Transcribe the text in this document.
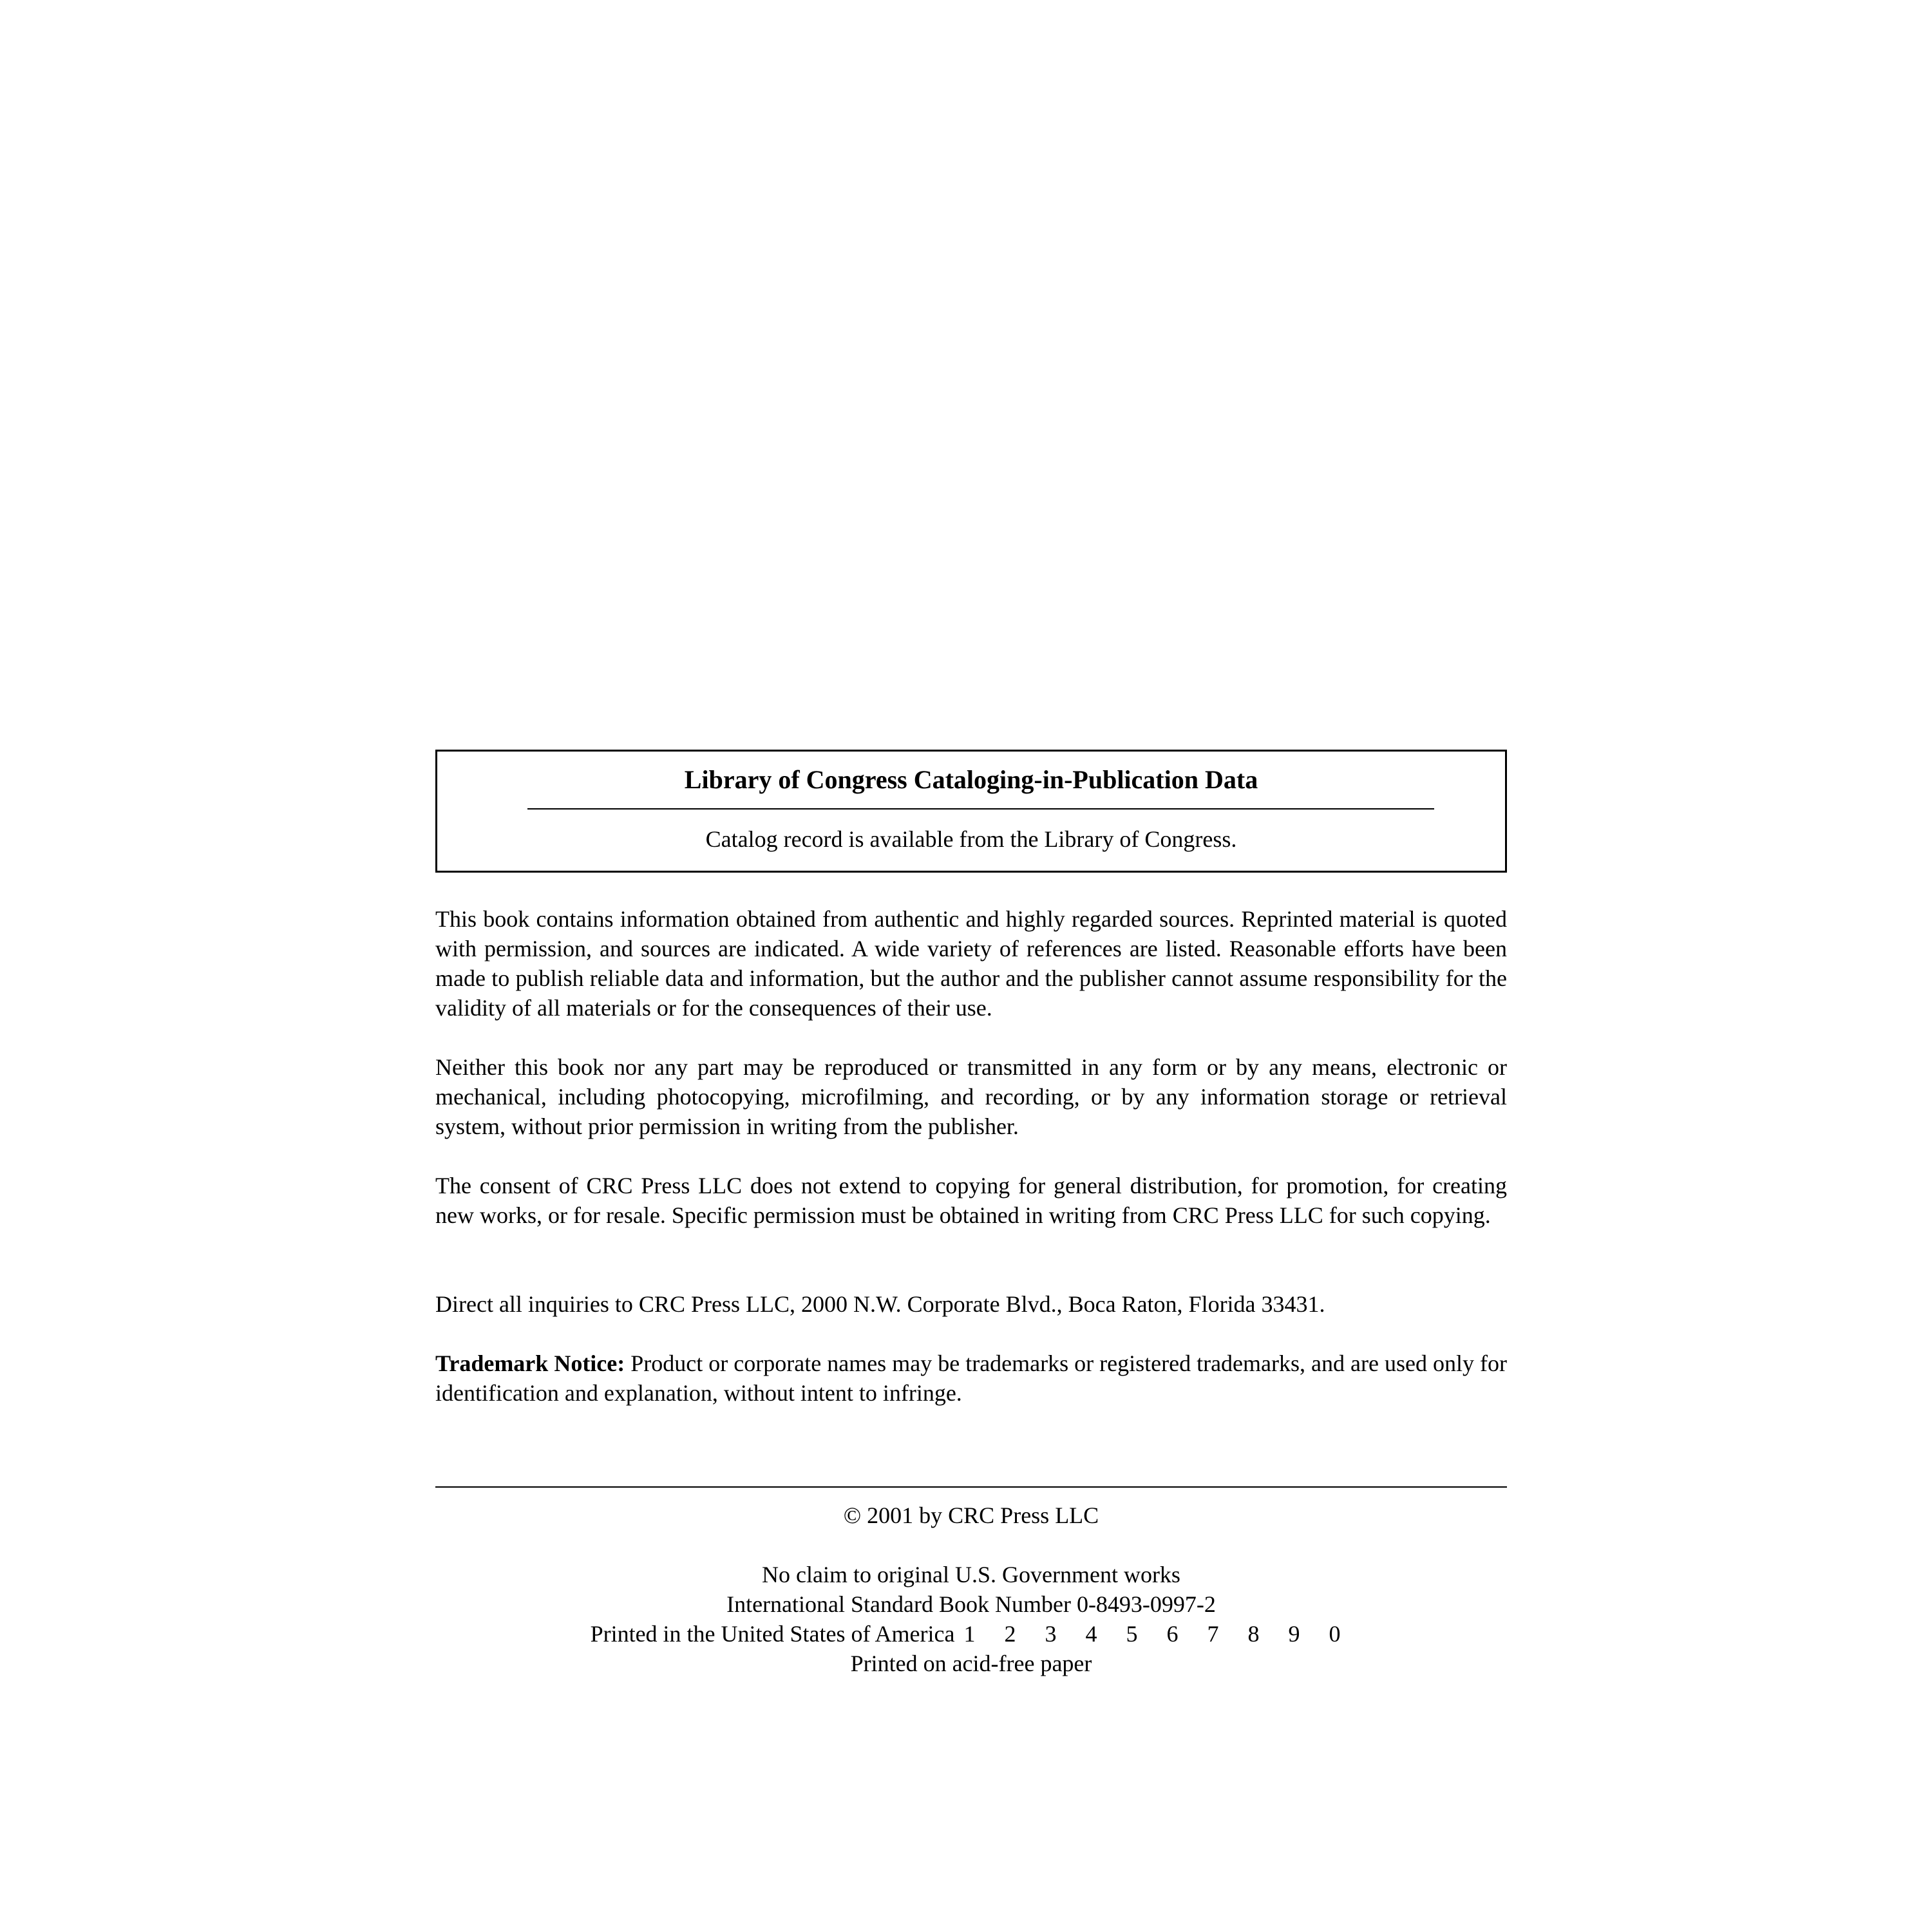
Library of Congress Cataloging-in-Publication Data
Catalog record is available from the Library of Congress.

This book contains information obtained from authentic and highly regarded sources. Reprinted material is quoted with permission, and sources are indicated. A wide variety of references are listed. Reasonable efforts have been made to publish reliable data and information, but the author and the publisher cannot assume responsibility for the validity of all materials or for the consequences of their use.

Neither this book nor any part may be reproduced or transmitted in any form or by any means, electronic or mechanical, including photocopying, microfilming, and recording, or by any information storage or retrieval system, without prior permission in writing from the publisher.

The consent of CRC Press LLC does not extend to copying for general distribution, for promotion, for creating new works, or for resale. Specific permission must be obtained in writing from CRC Press LLC for such copying.

Direct all inquiries to CRC Press LLC, 2000 N.W. Corporate Blvd., Boca Raton, Florida 33431.

Trademark Notice: Product or corporate names may be trademarks or registered trademarks, and are used only for identification and explanation, without intent to infringe.

© 2001 by CRC Press LLC
No claim to original U.S. Government works
International Standard Book Number 0-8493-0997-2
Printed in the United States of America 1 2 3 4 5 6 7 8 9 0
Printed on acid-free paper
